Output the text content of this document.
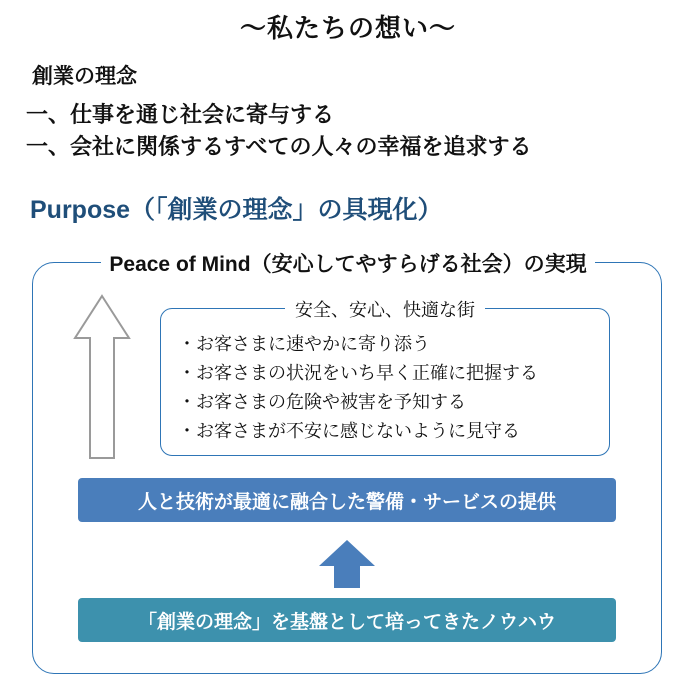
〜私たちの想い〜
創業の理念
一、仕事を通じ社会に寄与する
一、会社に関係するすべての人々の幸福を追求する
Purpose（「創業の理念」の具現化）
Peace of Mind（安心してやすらげる社会）の実現
安全、安心、快適な街
・お客さまに速やかに寄り添う
・お客さまの状況をいち早く正確に把握する
・お客さまの危険や被害を予知する
・お客さまが不安に感じないように見守る
人と技術が最適に融合した警備・サービスの提供
「創業の理念」を基盤として培ってきたノウハウ
